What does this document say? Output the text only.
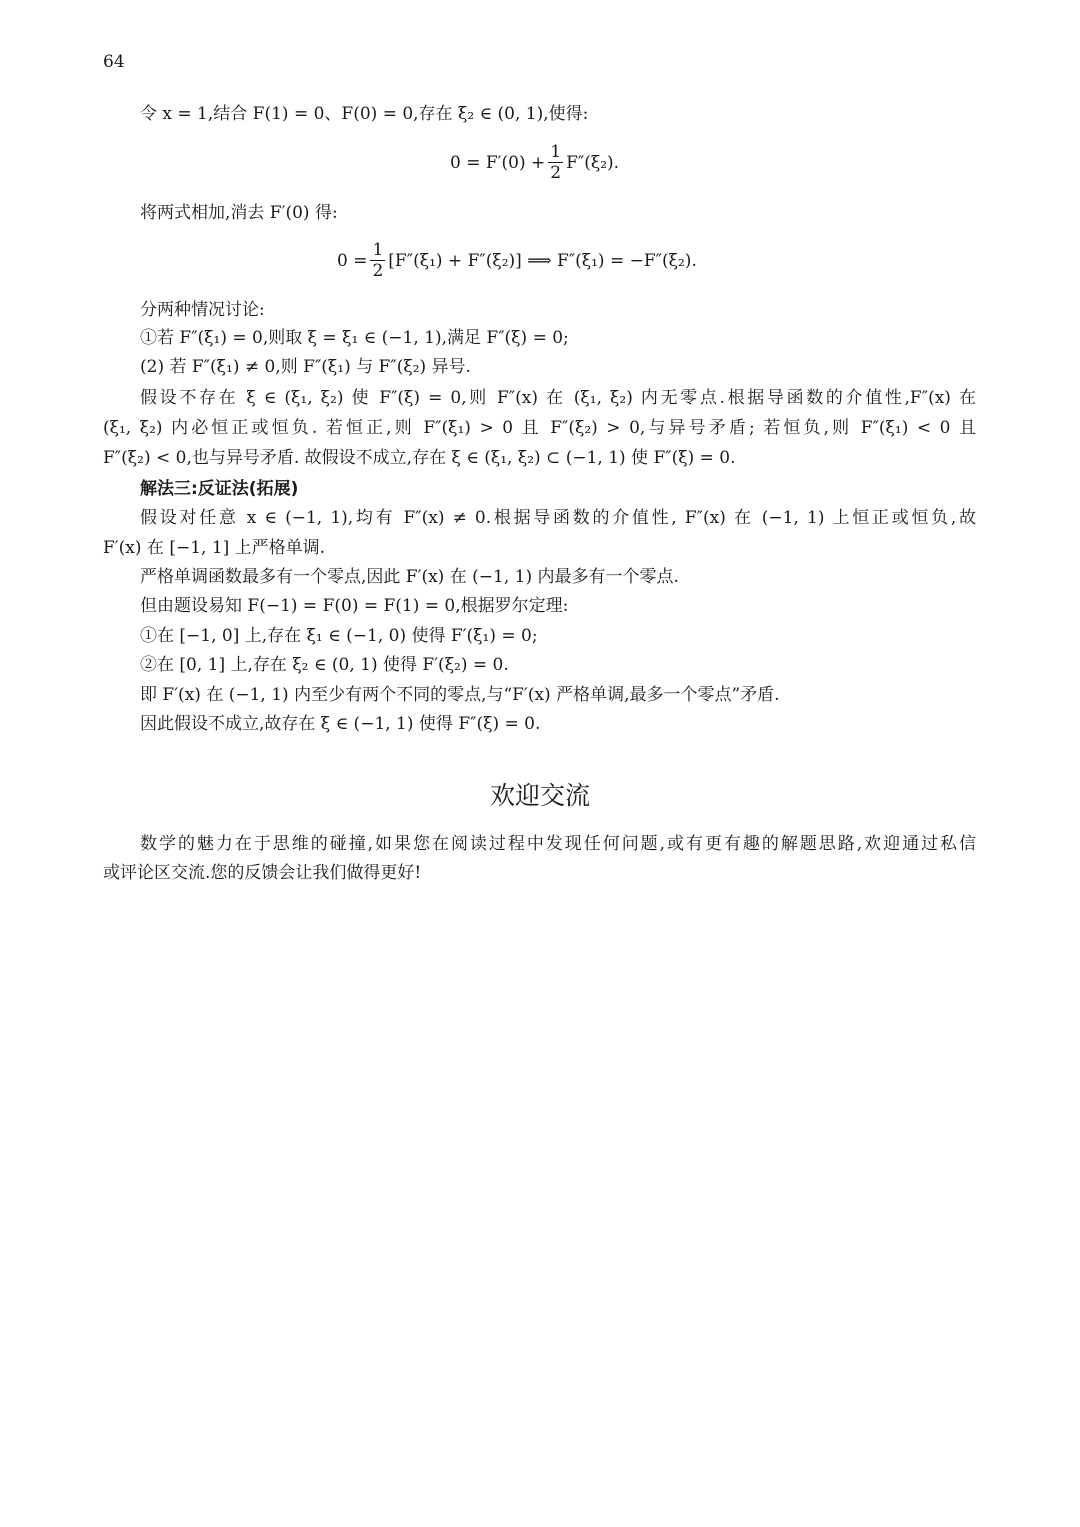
64
令 x = 1,结合 F(1) = 0、F(0) = 0,存在 ξ₂ ∈ (0, 1),使得:
$0 = F'(0) + \frac{1}{2} F''(\xi_2)$.
将两式相加,消去 F′(0) 得:
$0 = \frac{1}{2} [F''(\xi_1) + F''(\xi_2)]$ ⟹ F″(ξ₁) = −F″(ξ₂).
分两种情况讨论:
①若 F″(ξ₁) = 0,则取 ξ = ξ₁ ∈ (−1, 1),满足 F″(ξ) = 0;
(2) 若 F″(ξ₁) ≠ 0,则 F″(ξ₁) 与 F″(ξ₂) 异号.
假设不存在 ξ ∈ (ξ₁, ξ₂) 使 F″(ξ) = 0,则 F″(x) 在 (ξ₁, ξ₂) 内无零点.根据导函数的介值性,F″(x) 在
(ξ₁, ξ₂) 内必恒正或恒负. 若恒正,则 F″(ξ₁) > 0 且 F″(ξ₂) > 0,与异号矛盾; 若恒负,则 F″(ξ₁) < 0 且
F″(ξ₂) < 0,也与异号矛盾. 故假设不成立,存在 ξ ∈ (ξ₁, ξ₂) ⊂ (−1, 1) 使 F″(ξ) = 0.
解法三:反证法(拓展)
假设对任意 x ∈ (−1, 1),均有 F″(x) ≠ 0.根据导函数的介值性, F″(x) 在 (−1, 1) 上恒正或恒负,故
F′(x) 在 [−1, 1] 上严格单调.
严格单调函数最多有一个零点,因此 F′(x) 在 (−1, 1) 内最多有一个零点.
但由题设易知 F(−1) = F(0) = F(1) = 0,根据罗尔定理:
①在 [−1, 0] 上,存在 ξ₁ ∈ (−1, 0) 使得 F′(ξ₁) = 0;
②在 [0, 1] 上,存在 ξ₂ ∈ (0, 1) 使得 F′(ξ₂) = 0.
即 F′(x) 在 (−1, 1) 内至少有两个不同的零点,与“F′(x) 严格单调,最多一个零点”矛盾.
因此假设不成立,故存在 ξ ∈ (−1, 1) 使得 F″(ξ) = 0.
欢迎交流
数学的魅力在于思维的碰撞,如果您在阅读过程中发现任何问题,或有更有趣的解题思路,欢迎通过私信
或评论区交流.您的反馈会让我们做得更好!
